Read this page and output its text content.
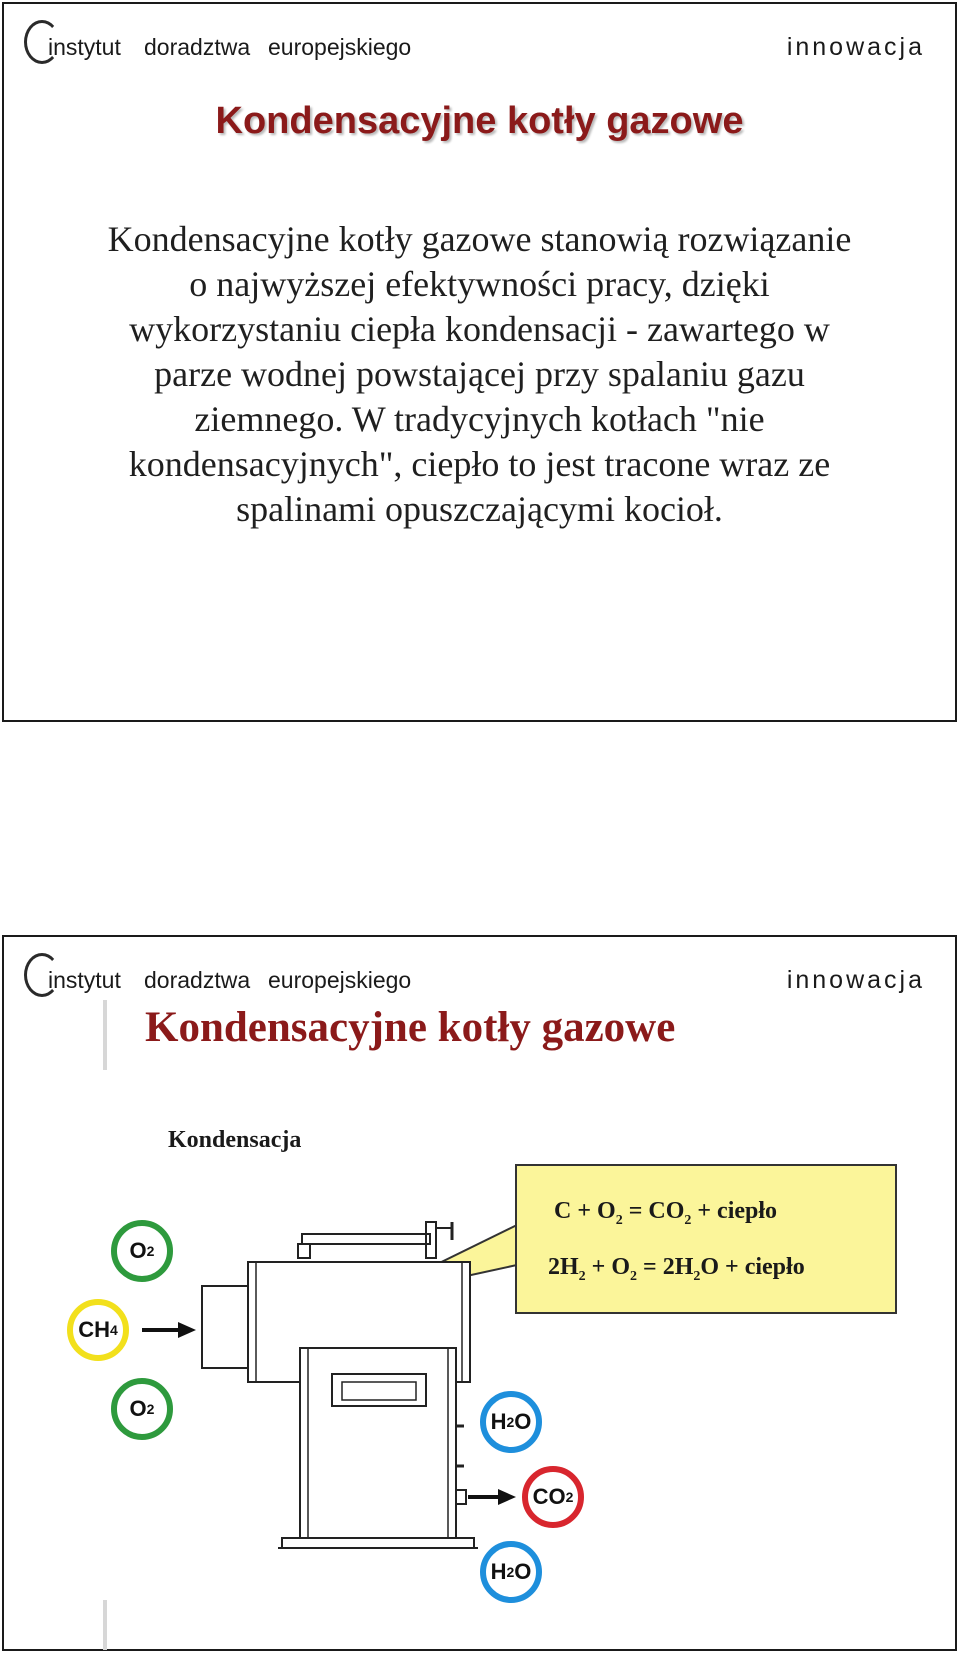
instytut doradztwa europejskiego	innowacja
Kondensacyjne kotły gazowe
Kondensacyjne kotły gazowe stanowią rozwiązanie
o najwyższej efektywności pracy, dzięki
wykorzystaniu ciepła kondensacji - zawartego w
parze wodnej powstającej przy spalaniu gazu
ziemnego. W tradycyjnych kotłach "nie
kondensacyjnych", ciepło to jest tracone wraz ze
spalinami opuszczającymi kocioł.
instytut doradztwa europejskiego	innowacja
Kondensacyjne kotły gazowe
Kondensacja
$C + O_2 = CO_2$ + ciepło
$2H_2 + O_2 = 2H_2O$ + ciepło
O 2
CH 4
O 2	H 2 O
CO 2
H 2 O
